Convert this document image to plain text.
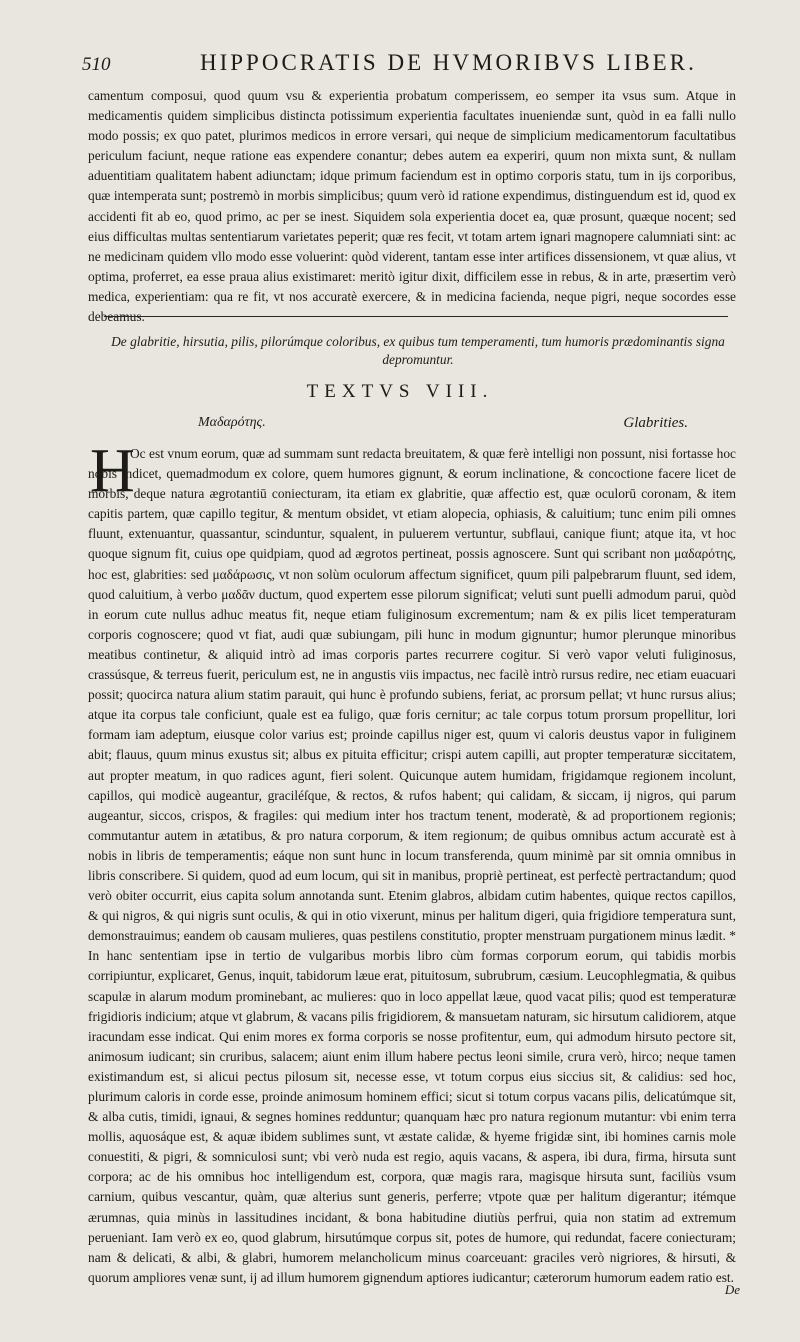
510	HIPPOCRATIS DE HVMORIBVS LIBER.
camentum composui, quod quum vsu & experientia probatum comperissem, eo semper ita vsus sum. Atque in medicamentis quidem simplicibus distincta potissimum experientia facultates inueniendæ sunt, quòd in ea falli nullo modo possis; ex quo patet, plurimos medicos in errore versari, qui neque de simplicium medicamentorum facultatibus periculum faciunt, neque ratione eas expendere conantur; debes autem ea experiri, quum non mixta sunt, & nullam aduentitiam qualitatem habent adiunctam; idque primum faciendum est in optimo corporis statu, tum in ijs corporibus, quæ intemperata sunt; postremò in morbis simplicibus; quum verò id ratione expendimus, distinguendum est id, quod ex accidenti fit ab eo, quod primo, ac per se inest. Siquidem sola experientia docet ea, quæ prosunt, quæque nocent; sed eius difficultas multas sententiarum varietates peperit; quæ res fecit, vt totam artem ignari magnopere calumniati sint: ac ne medicinam quidem vllo modo esse voluerint: quòd viderent, tantam esse inter artifices dissensionem, vt quæ alius, vt optima, proferret, ea esse praua alius existimaret: meritò igitur dixit, difficilem esse in rebus, & in arte, præsertim verò medica, experientiam: qua re fit, vt nos accuratè exercere, & in medicina facienda, neque pigri, neque socordes esse debeamus.
De glabritie, hirsutia, pilis, pilorúmque coloribus, ex quibus tum temperamenti, tum humoris prædominantis signa depromuntur.
TEXTVS VIII.
Μαδαρότης.	Glabrities.
H
Oc est vnum eorum, quæ ad summam sunt redacta breuitatem, & quæ ferè intelligi non possunt, nisi fortasse hoc nobis indicet, quemadmodum ex colore, quem humores gignunt, & eorum inclinatione, & concoctione facere licet de morbis, deque natura ægrotantiū coniecturam, ita etiam ex glabritie, quæ affectio est, quæ oculorū coronam, & item capitis partem, quæ capillo tegitur, & mentum obsidet, vt etiam alopecia, ophiasis, & caluitium; tunc enim pili omnes fluunt, extenuantur, quassantur, scinduntur, squalent, in puluerem vertuntur, subflaui, canique fiunt; atque ita, vt hoc quoque signum fit, cuius ope quidpiam, quod ad ægrotos pertineat, possis agnoscere. Sunt qui scribant non μαδαρότης, hoc est, glabrities: sed μαδάρωσις, vt non solùm oculorum affectum significet, quum pili palpebrarum fluunt, sed idem, quod caluitium, à verbo μαδᾶν ductum, quod expertem esse pilorum significat; veluti sunt puelli admodum parui, quòd in eorum cute nullus adhuc meatus fit, neque etiam fuliginosum excrementum; nam & ex pilis licet temperaturam corporis cognoscere; quod vt fiat, audi quæ subiungam, pili hunc in modum gignuntur; humor plerunque minoribus meatibus continetur, & aliquid intrò ad imas corporis partes recurrere cogitur. Si verò vapor veluti fuliginosus, crassúsque, & terreus fuerit, periculum est, ne in angustis viis impactus, nec facilè intrò rursus redire, nec etiam euacuari possit; quocirca natura alium statim parauit, qui hunc è profundo subiens, feriat, ac prorsum pellat; vt hunc rursus alius; atque ita corpus tale conficiunt, quale est ea fuligo, quæ foris cernitur; ac tale corpus totum prorsum propellitur, lori formam iam adeptum, eiusque color varius est; proinde capillus niger est, quum vi caloris deustus vapor in fuliginem abit; flauus, quum minus exustus sit; albus ex pituita efficitur; crispi autem capilli, aut propter temperaturæ siccitatem, aut propter meatum, in quo radices agunt, fieri solent. Quicunque autem humidam, frigidamque regionem incolunt, capillos, qui modicè augeantur, graciléſque, & rectos, & rufos habent; qui calidam, & siccam, ij nigros, qui parum augeantur, siccos, crispos, & fragiles: qui medium inter hos tractum tenent, moderatè, & ad proportionem regionis; commutantur autem in ætatibus, & pro natura corporum, & item regionum; de quibus omnibus actum accuratè est à nobis in libris de temperamentis; eáque non sunt hunc in locum transferenda, quum minimè par sit omnia omnibus in libris conscribere. Si quidem, quod ad eum locum, qui sit in manibus, propriè pertineat, est perfectè pertractandum; quod verò obiter occurrit, eius capita solum annotanda sunt. Etenim glabros, albidam cutim habentes, quique rectos capillos, & qui nigros, & qui nigris sunt oculis, & qui in otio vixerunt, minus per halitum digeri, quia frigidiore temperatura sunt, demonstrauimus; eandem ob causam mulieres, quas pestilens constitutio, propter menstruam purgationem minus lædit. * In hanc sententiam ipse in tertio de vulgaribus morbis libro cùm formas corporum eorum, qui tabidis morbis corripiuntur, explicaret, Genus, inquit, tabidorum læue erat, pituitosum, subrubrum, cæsium. Leucophlegmatia, & quibus scapulæ in alarum modum prominebant, ac mulieres: quo in loco appellat læue, quod vacat pilis; quod est temperaturæ frigidioris indicium; atque vt glabrum, & vacans pilis frigidiorem, & mansuetam naturam, sic hirsutum calidiorem, atque iracundam esse indicat. Qui enim mores ex forma corporis se nosse profitentur, eum, qui admodum hirsuto pectore sit, animosum iudicant; sin cruribus, salacem; aiunt enim illum habere pectus leoni simile, crura verò, hirco; neque tamen existimandum est, si alicui pectus pilosum sit, necesse esse, vt totum corpus eius siccius sit, & calidius: sed hoc, plurimum caloris in corde esse, proinde animosum hominem effici; sicut si totum corpus vacans pilis, delicatúmque sit, & alba cutis, timidi, ignaui, & segnes homines redduntur; quanquam hæc pro natura regionum mutantur: vbi enim terra mollis, aquosáque est, & aquæ ibidem sublimes sunt, vt æstate calidæ, & hyeme frigidæ sint, ibi homines carnis mole conuestiti, & pigri, & somniculosi sunt; vbi verò nuda est regio, aquis vacans, & aspera, ibi dura, firma, hirsuta sunt corpora; ac de his omnibus hoc intelligendum est, corpora, quæ magis rara, magisque hirsuta sunt, faciliùs vsum carnium, quibus vescantur, quàm, quæ alterius sunt generis, perferre; vtpote quæ per halitum digerantur; itémque ærumnas, quia minùs in lassitudines incidant, & bona habitudine diutiùs perfrui, quia non statim ad extremum perueniant. Iam verò ex eo, quod glabrum, hirsutúmque corpus sit, potes de humore, qui redundat, facere coniecturam; nam & delicati, & albi, & glabri, humorem melancholicum minus coarceuant: graciles verò nigriores, & hirsuti, & quorum ampliores venæ sunt, ij ad illum humorem gignendum aptiores iudicantur; cæterorum humorum eadem ratio est.
De
